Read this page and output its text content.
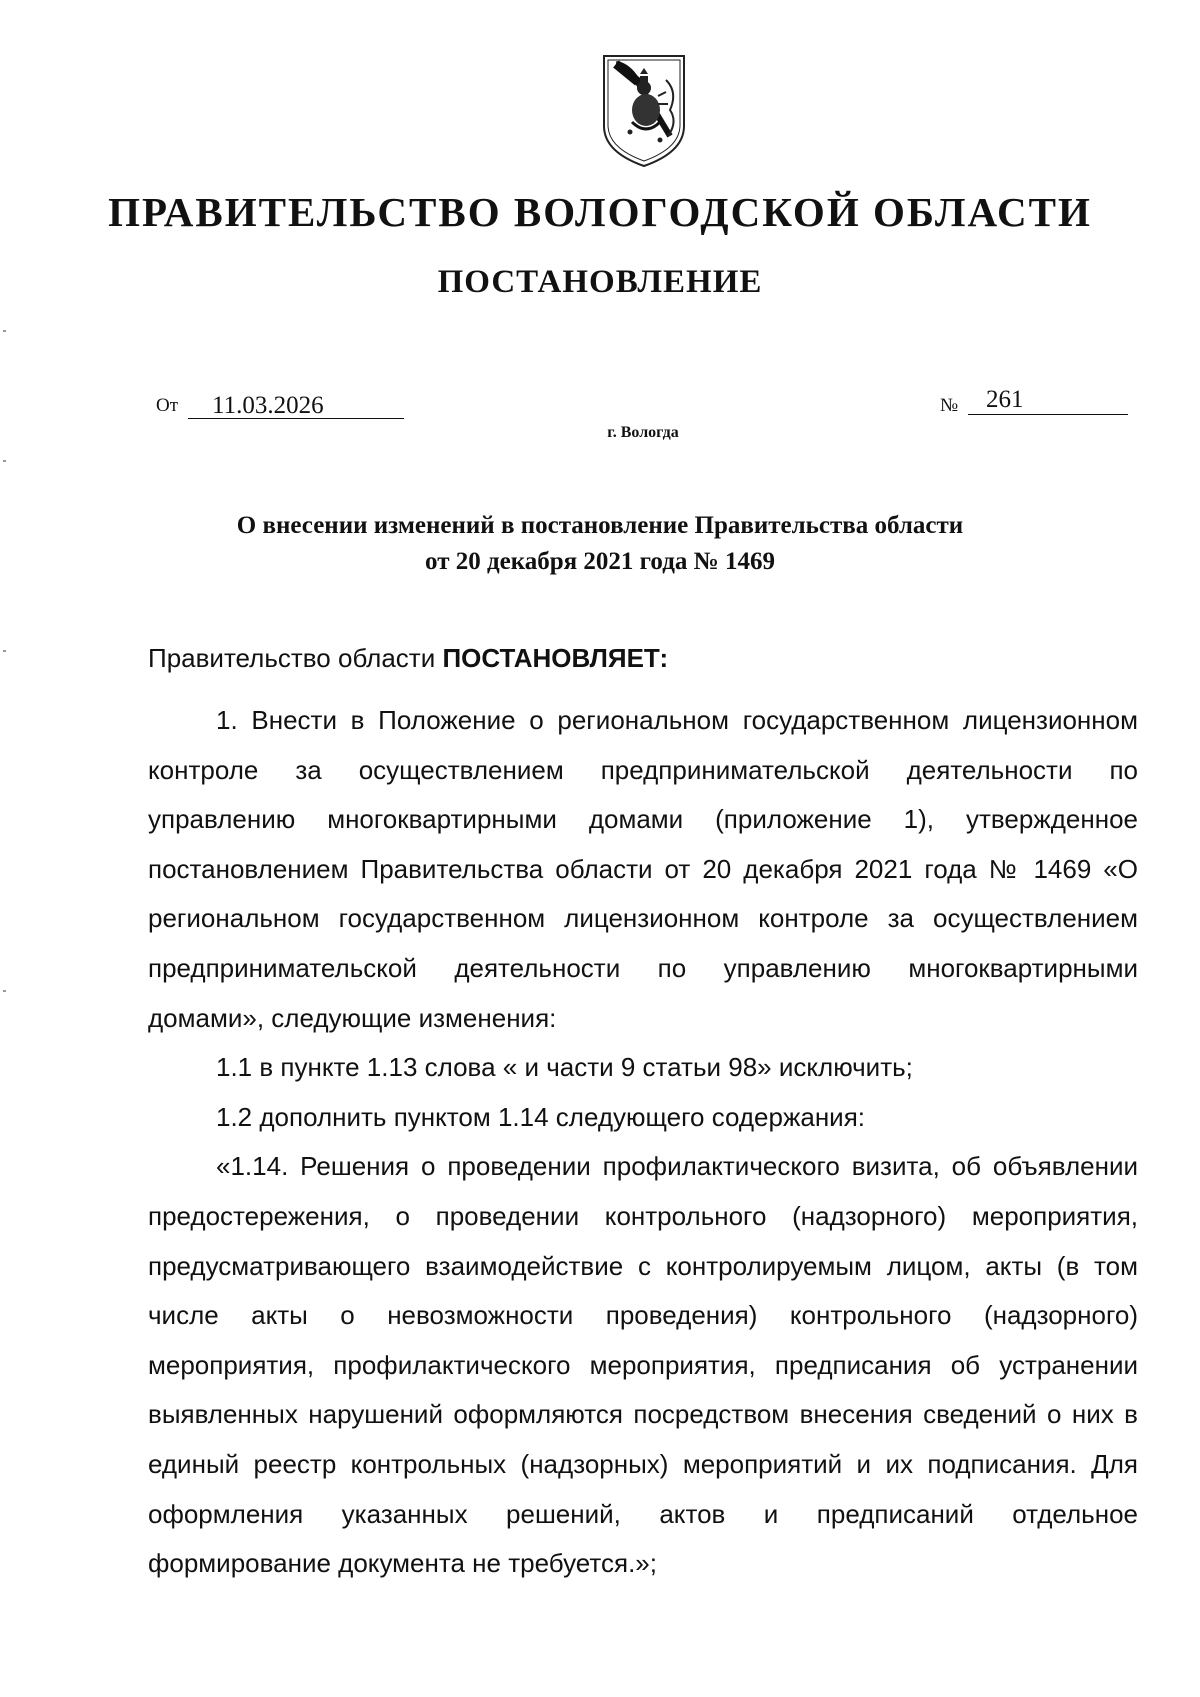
ПРАВИТЕЛЬСТВО ВОЛОГОДСКОЙ ОБЛАСТИ
ПОСТАНОВЛЕНИЕ
От 11.03.2026	№ 261
г. Вологда
О внесении изменений в постановление Правительства области
от 20 декабря 2021 года № 1469
Правительство области ПОСТАНОВЛЯЕТ:

1. Внести в Положение о региональном государственном лицензионном контроле за осуществлением предпринимательской деятельности по управлению многоквартирными домами (приложение 1), утвержденное постановлением Правительства области от 20 декабря 2021 года № 1469 «О региональном государственном лицензионном контроле за осуществлением предпринимательской деятельности по управлению многоквартирными домами», следующие изменения:

1.1 в пункте 1.13 слова « и части 9 статьи 98» исключить;

1.2 дополнить пунктом 1.14 следующего содержания:

«1.14. Решения о проведении профилактического визита, об объявлении предостережения, о проведении контрольного (надзорного) мероприятия, предусматривающего взаимодействие с контролируемым лицом, акты (в том числе акты о невозможности проведения) контрольного (надзорного) мероприятия, профилактического мероприятия, предписания об устранении выявленных нарушений оформляются посредством внесения сведений о них в единый реестр контрольных (надзорных) мероприятий и их подписания. Для оформления указанных решений, актов и предписаний отдельное формирование документа не требуется.»;
